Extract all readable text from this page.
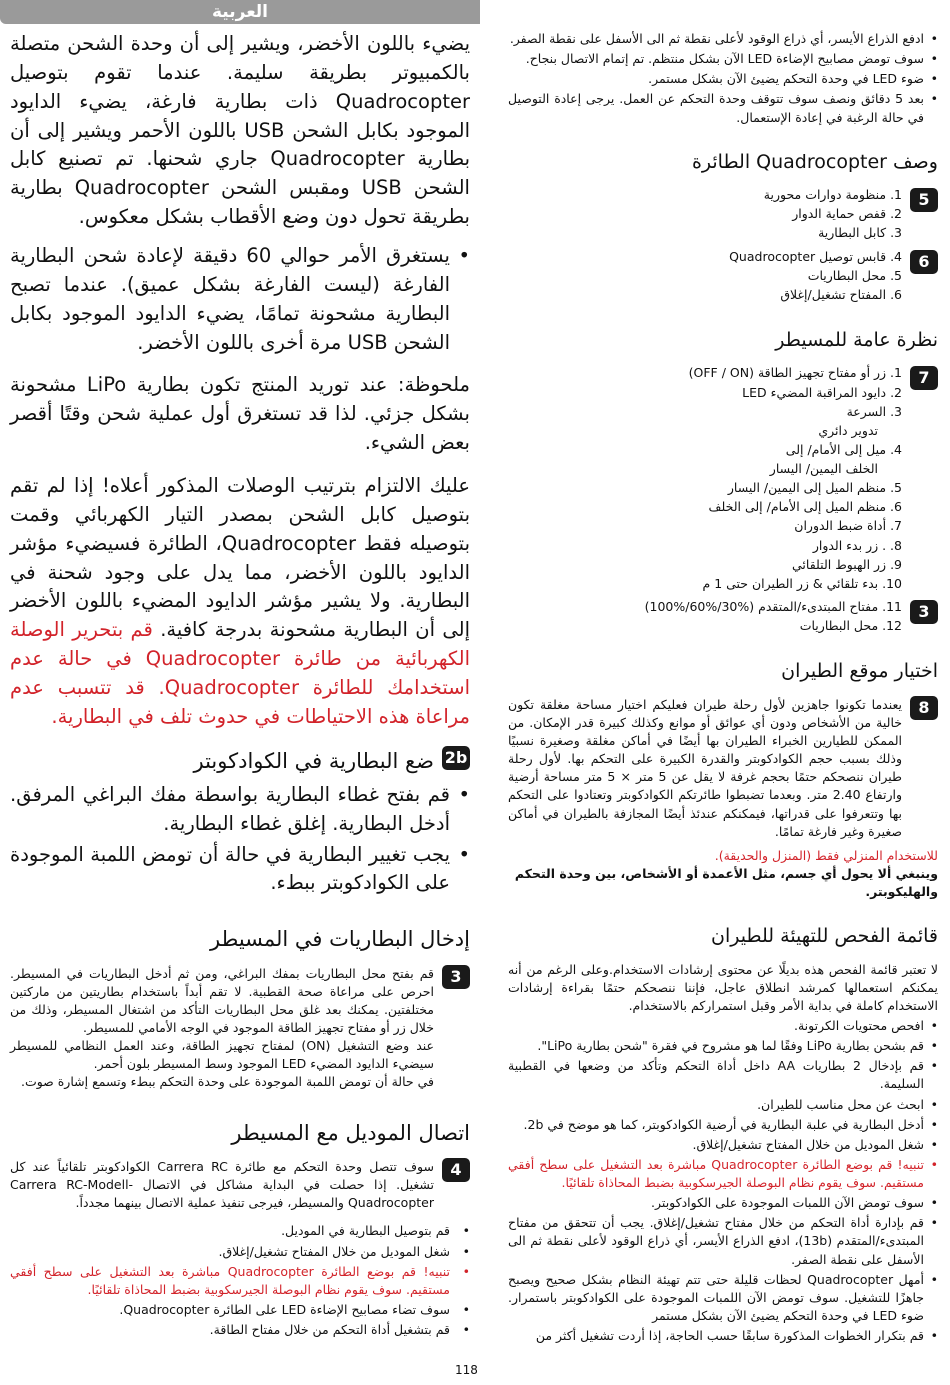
العربية

يضيء باللون الأخضر، ويشير إلى أن وحدة الشحن متصلة بالكمبيوتر بطريقة سليمة. عندما تقوم بتوصيل Quadrocopter ذات بطارية فارغة، يضيء الدايود الموجود بكابل الشحن USB باللون الأحمر ويشير إلى أن بطارية Quadrocopter جاري شحنها. تم تصنيع كابل الشحن USB ومقبس الشحن Quadrocopter بطارية بطريقة تحول دون وضع الأقطاب بشكل معكوس.

• يستغرق الأمر حوالي 60 دقيقة لإعادة شحن البطارية الفارغة (ليست الفارغة بشكل عميق). عندما تصبح البطارية مشحونة تمامًا، يضيء الدايود الموجود بكابل الشحن USB مرة أخرى باللون الأخضر.

ملحوظة: عند توريد المنتج تكون بطارية LiPo مشحونة بشكل جزئي. لذا قد تستغرق أول عملية شحن وقتًا أقصر بعض الشيء.

عليك الالتزام بترتيب الوصلات المذكور أعلاه! إذا لم تقم بتوصيل كابل الشحن بمصدر التيار الكهربائي وقمت بتوصيله فقط Quadrocopter، الطائرة فسيضيء مؤشر الدايود باللون الأخضر، مما يدل على وجود شحنة في البطارية. ولا يشير مؤشر الدايود المضيء باللون الأخضر إلى أن البطارية مشحونة بدرجة كافية. قم بتحرير الوصلة الكهربائية من طائرة Quadrocopter في حالة عدم استخدامك للطائرة Quadrocopter. قد تتسبب عدم مراعاة هذه الاحتياطات في حدوث تلف في البطارية.

2b
ضع البطارية في الكوادكوبتر
• قم بفتح غطاء البطارية بواسطة مفك البراغي المرفق. أدخل البطارية. إغلق غطاء البطارية.
• يجب تغيير البطارية في حالة أن تومض اللمبة الموجودة على الكوادكوبتر ببطء.
إدخال البطاريات في المسيطر
3
قم بفتح محل البطاريات بمفك البراغي، ومن ثم أدخل البطاريات في المسيطر. احرص على مراعاة صحة القطبية. لا تقم أبداً باستخدام بطاريتين من ماركتين مختلفتين. يمكنك بعد غلق محل البطاريات التأكد من اشتغال المسيطر، وذلك من خلال زر أو مفتاح تجهيز الطاقة الموجود في الوجه الأمامي للمسيطر.
عند وضع التشغيل (ON) لمفتاح تجهيز الطاقة، وعند العمل النظامي للمسيطر سيضيء الدايود المضيء LED الموجود وسط المسيطر بلون أحمر.
في حالة أن تومض اللمبة الموجودة على وحدة التحكم ببطء وتسمع إشارة صوت.
اتصال الموديل مع المسيطر
4
سوف تتصل وحدة التحكم مع طائرة Carrera RC الكوادكوبتر تلقائياً عند كل تشغيل. إذا حصلت في البداية مشاكل في الاتصال Carrera RC-Modell-Quadrocopter والمسيطر، فيرجى تنفيذ عملية الاتصال بينهما مجدداً.
• قم بتوصيل البطارية في الموديل.
• شغل الموديل من خلال المفتاح تشغيل/إغلاق.
• تنبيه! قم بوضع الطائرة Quadrocopter مباشرة بعد التشغيل على سطح أفقي مستقيم. سوف يقوم نظام البوصلة الجيرسكوبية بضبط المحاذاة تلقائيًا.
• سوف تضاء مصابيح الإضاءة LED على الطائرة Quadrocopter.
• قم بتشغيل أداة التحكم من خلال مفتاح الطاقة.
• ادفع الذراع الأيسر، أي ذراع الوقود لأعلى نقطة ثم الى الأسفل على نقطة الصفر.
• سوف تومض مصابيح الإضاءة LED الآن بشكل منتظم. تم إتمام الاتصال بنجاح.
• ضوء LED في وحدة التحكم يضيئ الآن بشكل مستمر.
• بعد 5 دقائق ونصف سوف تتوقف وحدة التحكم عن العمل. يرجى إعادة التوصيل في حالة الرغبة في إعادة الإستعمال.
وصف Quadrocopter الطائرة
5
1. منظومة دوارات محورية
2. قفص حماية الدوار
3. كابل البطارية
6
4. قابس توصيل Quadrocopter
5. محل البطاريات
6. المفتاح تشغيل/إغلاق
نظرة عامة للمسيطر
7
1. زر أو مفتاح تجهيز الطاقة (OFF / ON)
2. دايود المراقبة المضيء LED
3. السرعة
تدوير دائري
4. ميل إلى الأمام/ إلى
الخلف اليمين/ اليسار
5. منظم الميل إلى اليمين/ اليسار
6. منظم الميل إلى الأمام/ إلى الخلف
7. أداة ضبط الدوران
8. . زر بدء الدوار
9. زر الهبوط التلقائي
10. بدء تلقائي & زر الطيران حتى 1 م
3
11. مفتاح المبتدىء/المتقدم (%30/%60/%100)
12. محل البطاريات
اختيار موقع الطيران
8
يعندما تكونوا جاهزين لأول رحلة طيران فعليكم اختيار مساحة مغلقة تكون خالية من الأشخاص ودون أي عوائق أو موانع وكذلك كبيرة قدر الإمكان. من الممكن للطيارين الخبراء الطيران بها أيضًا في أماكن مغلقة وصغيرة نسبيًا وذلك بسبب حجم الكوادكوبتر والقدرة الكبيرة على التحكم بها. لأول رحلة طيران ننصحكم حتمًا بحجم غرفة لا يقل عن 5 متر × 5 متر مساحة أرضية وارتفاع 2.40 متر. وبعدما تضبطوا طائرتكم الكوادكوبتر وتعتادوا على التحكم بها وتتعرفوا على قدراتها، فيمكنكم عندئذ أيضًا المجازفة بالطيران في أماكن صغيرة وغير فارغة تمامًا.
للاستخدام المنزلي فقط (المنزل والحديقة).
وينبغي ألا يحول أي جسم، مثل الأعمدة أو الأشخاص، بين وحدة التحكم والهليكوبتر.
قائمة الفحص للتهيئة للطيران

لا تعتبر قائمة الفحص هذه بديلًا عن محتوى إرشادات الاستخدام.وعلى الرغم من أنه يمكنكم استعمالها كمرشد انطلاق عاجل، فإننا ننصحكم حتمًا بقراءة إرشادات الاستخدام كاملة في بداية الأمر وقبل استمراركم بالاستخدام.

• افحص محتويات الكرتونة.
• قم بشحن بطارية LiPo وفقًا لما هو مشروح في فقرة "شحن بطارية LiPo".
• قم بإدخال 2 بطاريات AA داخل أداة التحكم وتأكد من وضعها في القطبية السليمة.
• ابحث عن محل مناسب للطيران.
• أدخل البطارية في علبة البطارية في أرضية الكوادكوبتر، كما هو موضح في 2b.
• شغل الموديل من خلال المفتاح تشغيل/إغلاق.
• تنبيه! قم بوضع الطائرة Quadrocopter مباشرة بعد التشغيل على سطح أفقي مستقيم. سوف يقوم نظام البوصلة الجيرسكوبية بضبط المحاذاة تلقائيًا.
• سوف تومض الآن اللمبات الموجودة على الكوادكوبتر.
• قم بإدارة أداة التحكم من خلال مفتاح تشغيل/إغلاق. يجب أن تتحقق من مفتاح المبتدىء/المتقدم (13b)، ادفع الذراع الأيسر، أي ذراع الوقود لأعلى نقطة ثم الى الأسفل على نقطة الصفر.
• أمهل Quadrocopter لحظات قليلة حتى تتم تهيئة النظام بشكل صحيح ويصبح جاهزًا للتشغيل. سوف تومض الآن اللمبات الموجودة على الكوادكوبتر باستمرار. ضوء LED في وحدة التحكم يضيئ الآن بشكل مستمر
• قم بتكرار الخطوات المذكورة سابقًا حسب الحاجة، إذا أردت تشغيل أكثر من
118
